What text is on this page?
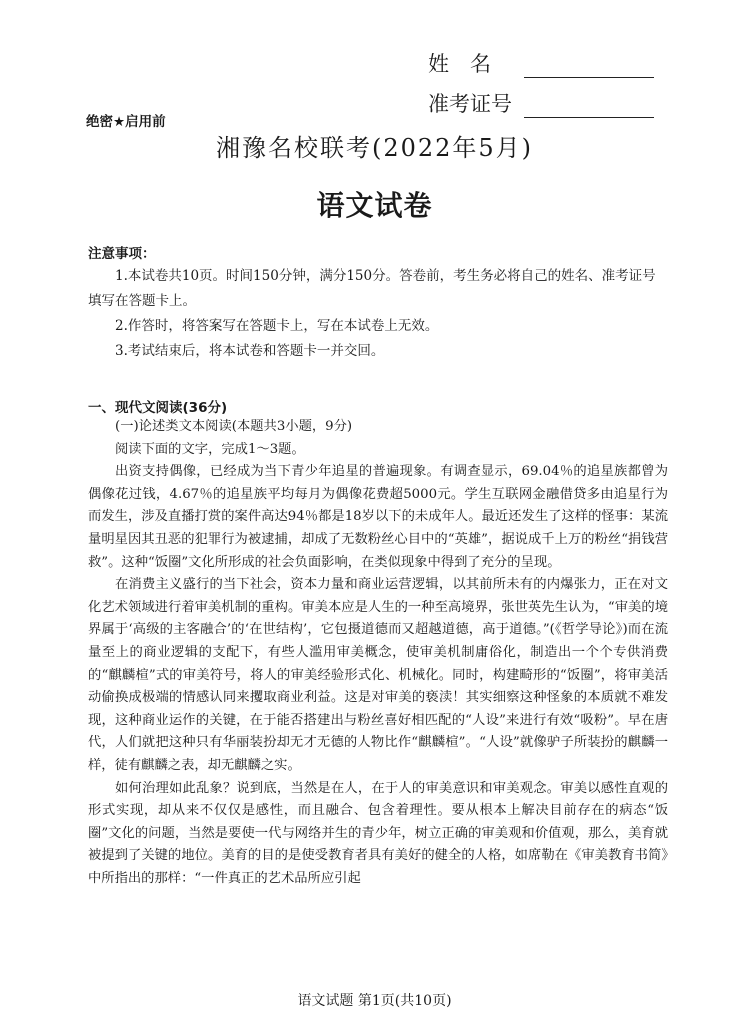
姓　名
准考证号
绝密★启用前
湘豫名校联考(2022年5月)
语文试卷
注意事项：

1.本试卷共10页。时间150分钟，满分150分。答卷前，考生务必将自己的姓名、准考证号填写在答题卡上。

2.作答时，将答案写在答题卡上，写在本试卷上无效。

3.考试结束后，将本试卷和答题卡一并交回。

一、现代文阅读(36分)

(一)论述类文本阅读(本题共3小题，9分)

阅读下面的文字，完成1～3题。

出资支持偶像，已经成为当下青少年追星的普遍现象。有调查显示，69.04％的追星族都曾为偶像花过钱，4.67％的追星族平均每月为偶像花费超5000元。学生互联网金融借贷多由追星行为而发生，涉及直播打赏的案件高达94％都是18岁以下的未成年人。最近还发生了这样的怪事：某流量明星因其丑恶的犯罪行为被逮捕，却成了无数粉丝心目中的“英雄”，据说成千上万的粉丝“捐钱营救”。这种“饭圈”文化所形成的社会负面影响，在类似现象中得到了充分的呈现。

在消费主义盛行的当下社会，资本力量和商业运营逻辑，以其前所未有的内爆张力，正在对文化艺术领域进行着审美机制的重构。审美本应是人生的一种至高境界，张世英先生认为，“审美的境界属于‘高级的主客融合’的‘在世结构’，它包摄道德而又超越道德，高于道德。”(《哲学导论》)而在流量至上的商业逻辑的支配下，有些人滥用审美概念，使审美机制庸俗化，制造出一个个专供消费的“麒麟楦”式的审美符号，将人的审美经验形式化、机械化。同时，构建畸形的“饭圈”，将审美活动偷换成极端的情感认同来攫取商业利益。这是对审美的亵渎！其实细察这种怪象的本质就不难发现，这种商业运作的关键，在于能否搭建出与粉丝喜好相匹配的“人设”来进行有效“吸粉”。早在唐代，人们就把这种只有华丽装扮却无才无德的人物比作“麒麟楦”。“人设”就像驴子所装扮的麒麟一样，徒有麒麟之表，却无麒麟之实。

如何治理如此乱象？说到底，当然是在人，在于人的审美意识和审美观念。审美以感性直观的形式实现，却从来不仅仅是感性，而且融合、包含着理性。要从根本上解决目前存在的病态“饭圈”文化的问题，当然是要使一代与网络并生的青少年，树立正确的审美观和价值观，那么，美育就被提到了关键的地位。美育的目的是使受教育者具有美好的健全的人格，如席勒在《审美教育书简》中所指出的那样：“一件真正的艺术品所应引起

语文试题 第1页(共10页)
